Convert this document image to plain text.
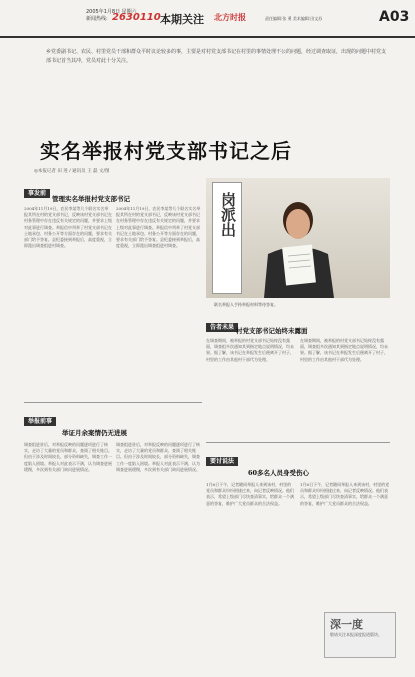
2005年1月8日 星期六
新闻热线: 2630110 本期关注 北方时报	责任编辑:张 勇 美术编辑:田文苏	A03
乡党委副书记、农民、村里党员干部和群众平时议论较多的事，主要是对村党支部书记在村里的事情处理不公的问题，经过调查取证，出现的问题中村党支部书记首当其冲，党员对此十分关注。
实名举报村党支部书记之后
◎本报记者 田 进 / 通讯员 王 磊 文/图
事发前
管理实名举报村党支部书记
2004年11月19日，农民李某等几个联名实名举报其所在村的党支部书记，反映该村党支部书记在村务管理中存在违反有关规定的问题，并要求上级对此事进行调查。举报信中列举了村党支部书记在土地承包、村务公开等方面存在的问题，要求有关部门给予答复。县纪委接到举报后，高度重视，立即派出调查组进村调查。
2004年11月19日，农民李某等几个联名实名举报其所在村的党支部书记，反映该村党支部书记在村务管理中存在违反有关规定的问题，并要求上级对此事进行调查。举报信中列举了村党支部书记在土地承包、村务公开等方面存在的问题，要求有关部门给予答复。县纪委接到举报后，高度重视，立即派出调查组进村调查。
岗派出
联名举报人手持举报材料等待答复。
告者未果 村党支部书记始终未露面
在调查期间，被举报的村党支部书记始终没有露面，调查组多次通知其到指定地点说明情况，均未果。据了解，该书记在举报发生后便离开了村子，村里的工作由其他村干部代为处理。
在调查期间，被举报的村党支部书记始终没有露面，调查组多次通知其到指定地点说明情况，均未果。据了解，该书记在举报发生后便离开了村子，村里的工作由其他村干部代为处理。
举报前事
举证月余案情仍无进展
调查组进驻后，对举报反映的问题逐项进行了核实，走访了大量的党员和群众，查阅了相关账目。但由于涉及时间较长，部分资料缺失，调查工作一度陷入困境。举报人对此表示不满，认为调查进展缓慢，多次到有关部门询问进展情况。
调查组进驻后，对举报反映的问题逐项进行了核实，走访了大量的党员和群众，查阅了相关账目。但由于涉及时间较长，部分资料缺失，调查工作一度陷入困境。举报人对此表示不满，认为调查进展缓慢，多次到有关部门询问进展情况。
要讨说法
60多名人员身受伤心
1月6日下午，记者随同举报人来到该村，村里的党员和群众纷纷围拢过来，向记者反映情况。他们表示，希望上级部门尽快查清事实，给群众一个满意的答复，维护广大党员群众的合法权益。
1月6日下午，记者随同举报人来到该村，村里的党员和群众纷纷围拢过来，向记者反映情况。他们表示，希望上级部门尽快查清事实，给群众一个满意的答复，维护广大党员群众的合法权益。
深一度
敬请关注本报深度报道版块。
